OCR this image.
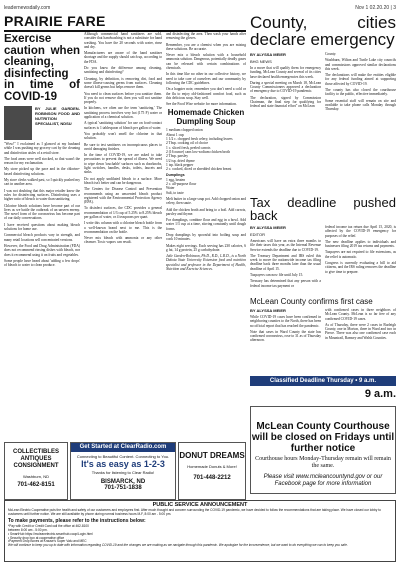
leadernewsdaily.com	Nov 1 02.20.20 | 3
PRAIRIE FARE
Exercise caution when cleaning, disinfecting in time of COVID-19
BY JULIE GARDEN-ROBINSON FOOD AND NUTRITION SPECIALIST, NDSU

"Wow!" I exclaimed as I glanced at my husband while I was pushing my grocery cart by the cleaning and disinfection aisles of a retail store.

The food areas were well stocked, so that wasn't the reason for my exclamation.

My store picked up the pace and in the chlorine-based disinfecting solutions.

My store clerks walked past, so I quickly pushed my cart in another area.

I was not doubting that this major retailer knew the rules for disinfecting surfaces. Disinfecting uses a higher ratio of bleach to water than sanitizing.

Chlorine bleach solutions have become part of our lives as we battle the outbreak of an unseen enemy. The novel form of the coronavirus has become part of our daily conversations.

I have received questions about making bleach solutions for home use.

Commercial bleach products vary in strength, and many retail locations sell concentrated versions.

However, the Food and Drug Administration (FDA) does not recommend rinsing dishes with bleach, nor does it recommend using it on fruits and vegetables.

Some people have heard about 'adding a few drops' of bleach to water to clean produce.

Although commercial hand sanitizers are sold, consider that handwashing is not a substitute for hand washing. You have the 20 seconds with water, rinse and dry.

Manufacturers are aware of the hand sanitizer shortage and the supply should catch up, according to the FDA.

Do you know the difference among cleaning, sanitizing and disinfecting?

Cleaning, by definition, is removing dirt, food and some illness-causing germs from surfaces. Cleaning doesn't kill germs but helps remove them.

You need to clean surfaces before you sanitize them. If you do not remove dirt, then you will not sanitize properly.

In kitchens, we often use the term 'sanitizing.' The sanitizing process involves very hot (175 F) water or application of a chemical solution.

A typical 'sanitizing solution' for use on food-contact surfaces is 1 tablespoon of bleach per gallon of water.

You probably won't smell the chlorine in that solution.

Be sure to test sanitizers on inconspicuous places to avoid damaging finishes.

In the time of COVID-19, we are asked to take precautions to prevent the spread of illness. We need to wipe down 'touchable' surfaces such as doorknobs, light switches, handles, desks, toilets, faucets and sinks.

Do not apply undiluted bleach to a surface. More bleach isn't better and can be dangerous.

The Centers for Disease Control and Prevention recommends using an unscented bleach product registered with the Environmental Protection Agency (EPA).

To disinfect surfaces, the CDC provides a general recommendation of 1/3 cup of 5.25% to 8.25% bleach per gallon of water, or 4 teaspoons per quart.

I write this column with a chlorine bleach bottle from a well-known brand next to me. This is the recommendation on the bottle.

Never mix bleach with ammonia or any other cleanser. Toxic vapors can result.

and disinfecting the area. Then wash your hands after removing the gloves.

Remember, you are a chemist when you are mixing these solutions. Be accurate.

Never mix a bleach solution with a household ammonia solution. Dangerous, potentially deadly gases can be released with certain combinations of chemicals.

In this time like no other in our collective history, we need to take care of ourselves and our community by following the CDC guidelines.

On a happier note, remember you don't need a cold or the flu to enjoy old-fashioned comfort food, such as this delicious soup. Stay well.

See the Food Wise website for more information.

Homemade Chicken Dumpling Soup
1 medium chopped onion
About 1 cup
1 1/2 c. chopped fresh celery, including leaves
2 Tbsp. cooking oil of choice
1 c. sliced fresh, peeled carrots
2 (16 ounce) cans low-sodium chicken broth
2 Tbsp. parsley
1/2 tsp. dried thyme
1 tsp. black pepper
2 c. cooked, diced or shredded chicken breast
Dumplings
1 egg, beaten
2 c. all-purpose flour
Water
Salt, to taste

Melt butter in a large soup pot. Add chopped onion and celery, then saute.

Add the chicken broth and bring to a boil. Add carrots, parsley and thyme.

For dumplings, combine flour and egg in a bowl. Add water 1/3 cup at a time, stirring constantly until dough forms.

Drop dumplings by spoonful into boiling soup and cook 10 minutes.

Makes eight servings. Each serving has 230 calories, 6 g fat, 14 g protein, 25 g carbohydrate.

Julie Garden-Robinson, Ph.D., R.D., L.R.D., is a North Dakota State University Extension food and nutrition specialist and professor in the Department of Health, Nutrition and Exercise Sciences.

County, cities declare emergency
BY ALYSSA MEIER
BHG NEWS

In a move that will qualify them for emergency funding, McLean County and several of its cities have declared health emergencies this week.

During a special meeting on March 18, McLean County Commissioners approved a declaration of emergency due to COVID-19 pandemic.

The declaration, signed by Commission Chairman, the final step for qualifying for federal and state financial effort" on McLean

County.

Washburn, Wilton and Turtle Lake city councils and commissions approved similar declarations this week.

The declarations will make the entities eligible for any federal funding aimed at supporting those affected by COVID-19.

The county has also closed the courthouse facility to the public, effective immediately.

Some essential staff will remain on site and available to take phone calls Monday through Thursday.

Tax deadline pushed back
BY ALYSSA MEIER
EDITOR

Americans will have an extra three months to file their taxes this year, as the Internal Revenue Service extends the deadline due to COVID-19.

The Treasury Department and IRS ruled this week to move the nationwide income tax filing deadline back three months later than the usual deadline of April 15.

Taxpayers can now file until July 15.

Treasury has determined that any person with a federal income tax payment or

federal income tax return due April 15, 2020, is affected by the COVID-19 emergency for purposes of the relief.

The new deadline applies to individuals and businesses filing 2019 tax returns and payments.

Taxpayers are not required to file extensions, as the relief is automatic.

Congress is currently evaluating a bill to aid citizens, and the IRS ruling removes the deadline to give time to prepare.

McLean County confirms first case
BY ALYSSA MEIER

While COVID-19 cases have been confirmed in neighboring counties to the North, there has been no official report that has reached the pandemic.

Note that cases in Ward County the state has confirmed coronavirus, rose to 31 as of Thursday afternoon.

with confirmed cases in three neighbors of McLean County. McLean is so far free of any confirmed COVID-19 cases.

As of Thursday, there were 2 cases in Burleigh County, one in Morton, three in Ward and two in Pierce. There was also one confirmed case each in Mountrail, Ramsey and Walsh Counties.

Classified Deadline Thursday • 9 a.m.
9 a.m.
McLean County Courthouse will be closed on Fridays until further notice
Courthouse hours Monday-Thursday remain will remain the same.
Please visit www.mcleancountynd.gov or our Facebook page for more information
COLLECTIBLES ANTIQUES CONSIGNMENT
Washburn, ND
701-462-8151
Get Started at ClearRadio.com
Connecting to Beautiful Content. Connecting to You.
It's as easy as 1-2-3
Thanks for listening to Clear Radio!
BISMARCK, ND
701-751-1838
DONUT DREAMS
Homemade Donuts & More!
701-448-2212
PUBLIC SERVICE ANNOUNCEMENT
McLean Electric Cooperative puts the health and safety of our customers and employees first. After much thought and concern surrounding the COVID-19 pandemic, we have decided to follow the recommendations that are taking place. We have closed our lobby to customers until further notice. We are still available by phone during normal business hours M-F, 8:00 am - 5:00 pm.
To make payments, please refer to the instructions below:
*Pay with Credit or Credit Card call the office at 462-8100
between 8:00 am - 5:00 pm.
• SmartHub https://mcleanelectric.smarthub.coop/Login.html
• Security drop box at cooperative office
•Payment Drop Boxes at Krause's Super Valu and MEC
We will continue to keep you up to date with information regarding COVID-19 and the changes we are making as we navigate through this pandemic. We apologize for the inconvenience, but we want to do everything we can to keep you safe.
